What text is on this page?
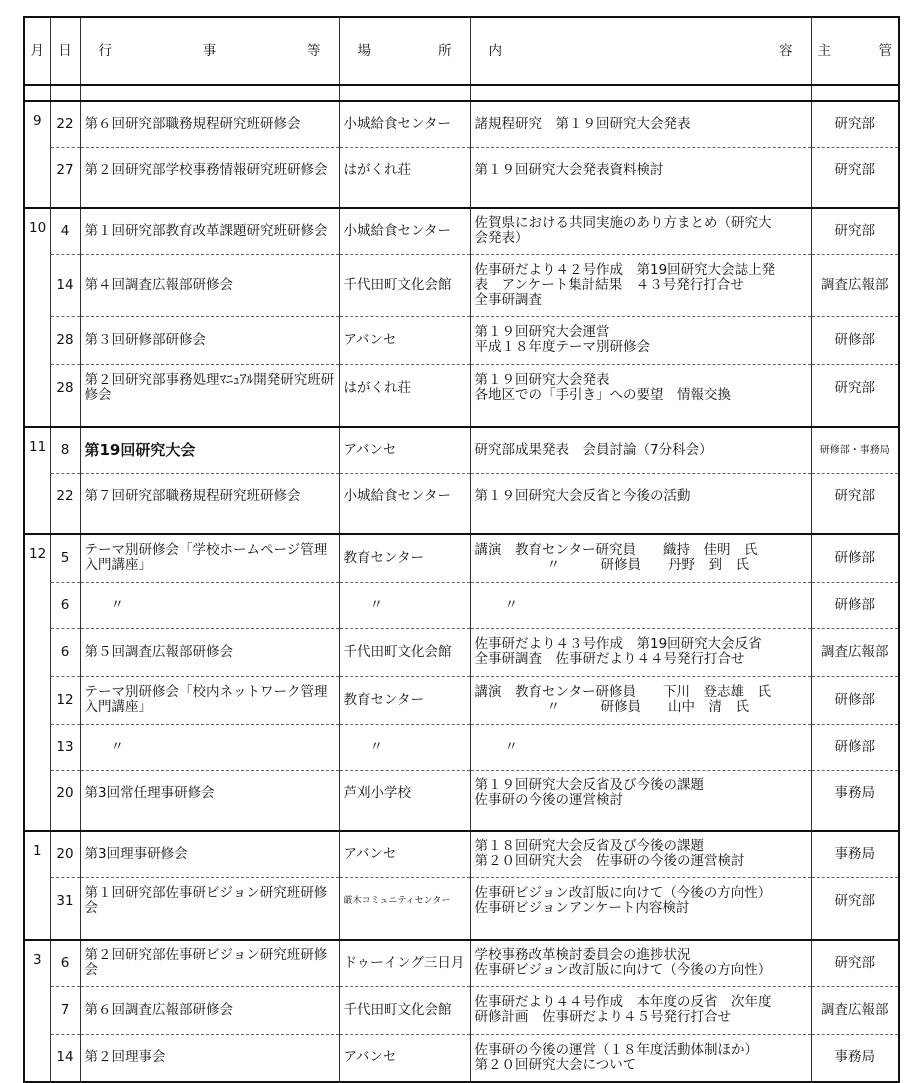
月	日	行 事 等	場 所	内 容	主 管

9	22	第６回研究部職務規程研究班研修会	小城給食センター	諸規程研究　第１９回研究大会発表	研究部
	27	第２回研究部学校事務情報研究班研修会	はがくれ荘	第１９回研究大会発表資料検討	研究部

10	4	第１回研究部教育改革課題研究班研修会	小城給食センター	佐賀県における共同実施のあり方まとめ（研究大
会発表）	研究部
	14	第４回調査広報部研修会	千代田町文化会館	佐事研だより４２号作成　第19回研究大会誌上発
表　アンケート集計結果　４３号発行打合せ
全事研調査	調査広報部
	28	第３回研修部研修会	アバンセ	第１９回研究大会運営
平成１８年度テーマ別研修会	研修部
	28	第２回研究部事務処理ﾏﾆｭｱﾙ開発研究班研修会	はがくれ荘	第１９回研究大会発表
各地区での「手引き」への要望　情報交換	研究部

11	8	第19回研究大会	アバンセ	研究部成果発表　会員討論（7分科会）	研修部・事務局
	22	第７回研究部職務規程研究班研修会	小城給食センター	第１９回研究大会反省と今後の活動	研究部

12	5	テーマ別研修会「学校ホームページ管理入門講座」	教育センター	講演　教育センター研究員　　織持　佳明　氏
〃　　　研修員　　丹野　到　氏	研修部
	6	〃	〃	〃	研修部
	6	第５回調査広報部研修会	千代田町文化会館	佐事研だより４３号作成　第19回研究大会反省
全事研調査　佐事研だより４４号発行打合せ	調査広報部
	12	テーマ別研修会「校内ネットワーク管理入門講座」	教育センター	講演　教育センター研修員　　下川　登志雄　氏
〃　　　研修員　　山中　清　氏	研修部
	13	〃	〃	〃	研修部
	20	第3回常任理事研修会	芦刈小学校	第１９回研究大会反省及び今後の課題
佐事研の今後の運営検討	事務局

1	20	第3回理事研修会	アバンセ	第１８回研究大会反省及び今後の課題
第２０回研究大会　佐事研の今後の運営検討	事務局
	31	第１回研究部佐事研ビジョン研究班研修会	厳木コミュニティセンター	佐事研ビジョン改訂版に向けて（今後の方向性）
佐事研ビジョンアンケート内容検討	研究部

3	6	第２回研究部佐事研ビジョン研究班研修会	ドゥーイング三日月	学校事務改革検討委員会の進捗状況
佐事研ビジョン改訂版に向けて（今後の方向性）	研究部
	7	第６回調査広報部研修会	千代田町文化会館	佐事研だより４４号作成　本年度の反省　次年度
研修計画　佐事研だより４５号発行打合せ	調査広報部
	14	第２回理事会	アバンセ	佐事研の今後の運営（１８年度活動体制ほか）
第２０回研究大会について	事務局
